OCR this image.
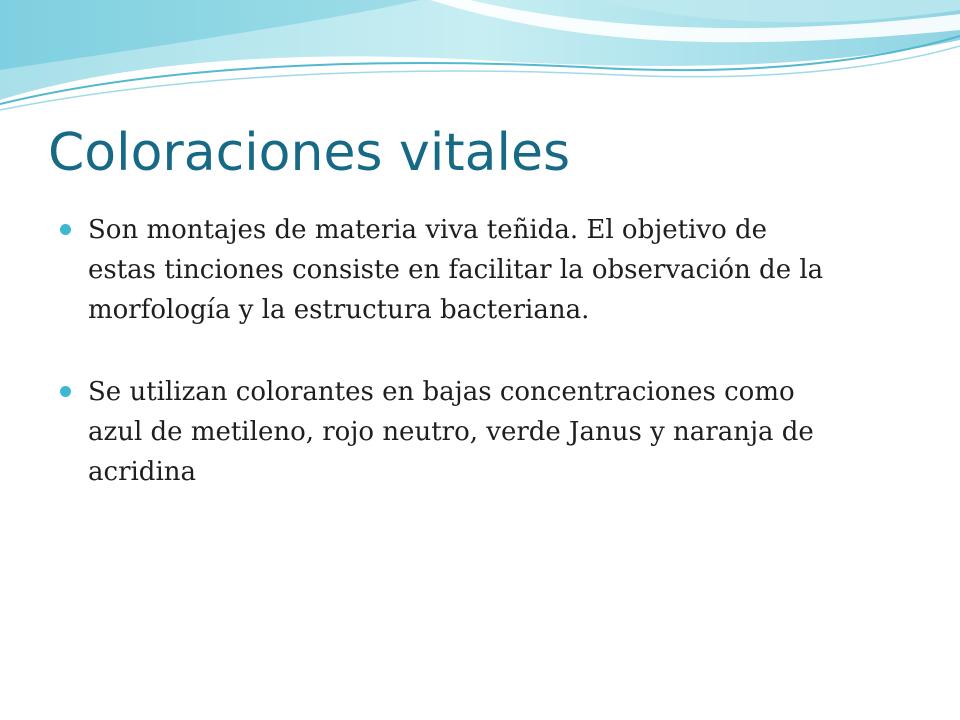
Coloraciones vitales
Son montajes de materia viva teñida. El objetivo de
estas tinciones consiste en facilitar la observación de la
morfología y la estructura bacteriana.
Se utilizan colorantes en bajas concentraciones como
azul de metileno, rojo neutro, verde Janus y naranja de
acridina
